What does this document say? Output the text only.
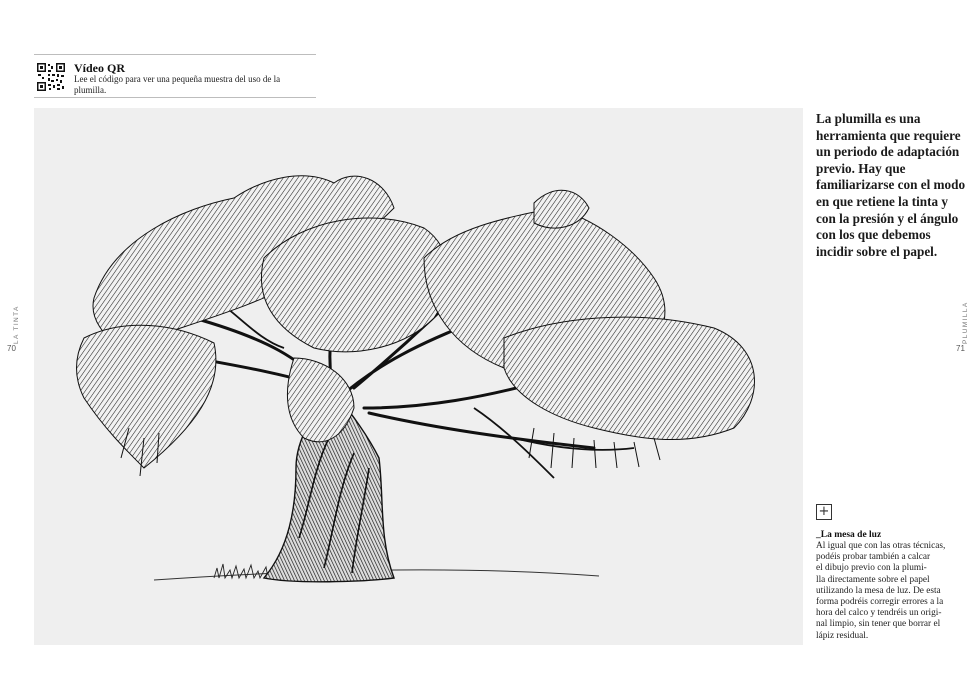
Vídeo QR
Lee el código para ver una pequeña muestra del uso de la plumilla.
LA TINTA
70
PLUMILLA
71
La plumilla es una herramienta que requiere un periodo de adaptación previo. Hay que familiarizarse con el modo en que retiene la tinta y con la presión y el ángulo con los que debemos incidir sobre el papel.
+
_La mesa de luz
Al igual que con las otras técnicas,
podéis probar también a calcar
el dibujo previo con la plumi-
lla directamente sobre el papel
utilizando la mesa de luz. De esta
forma podréis corregir errores a la
hora del calco y tendréis un origi-
nal limpio, sin tener que borrar el
lápiz residual.
